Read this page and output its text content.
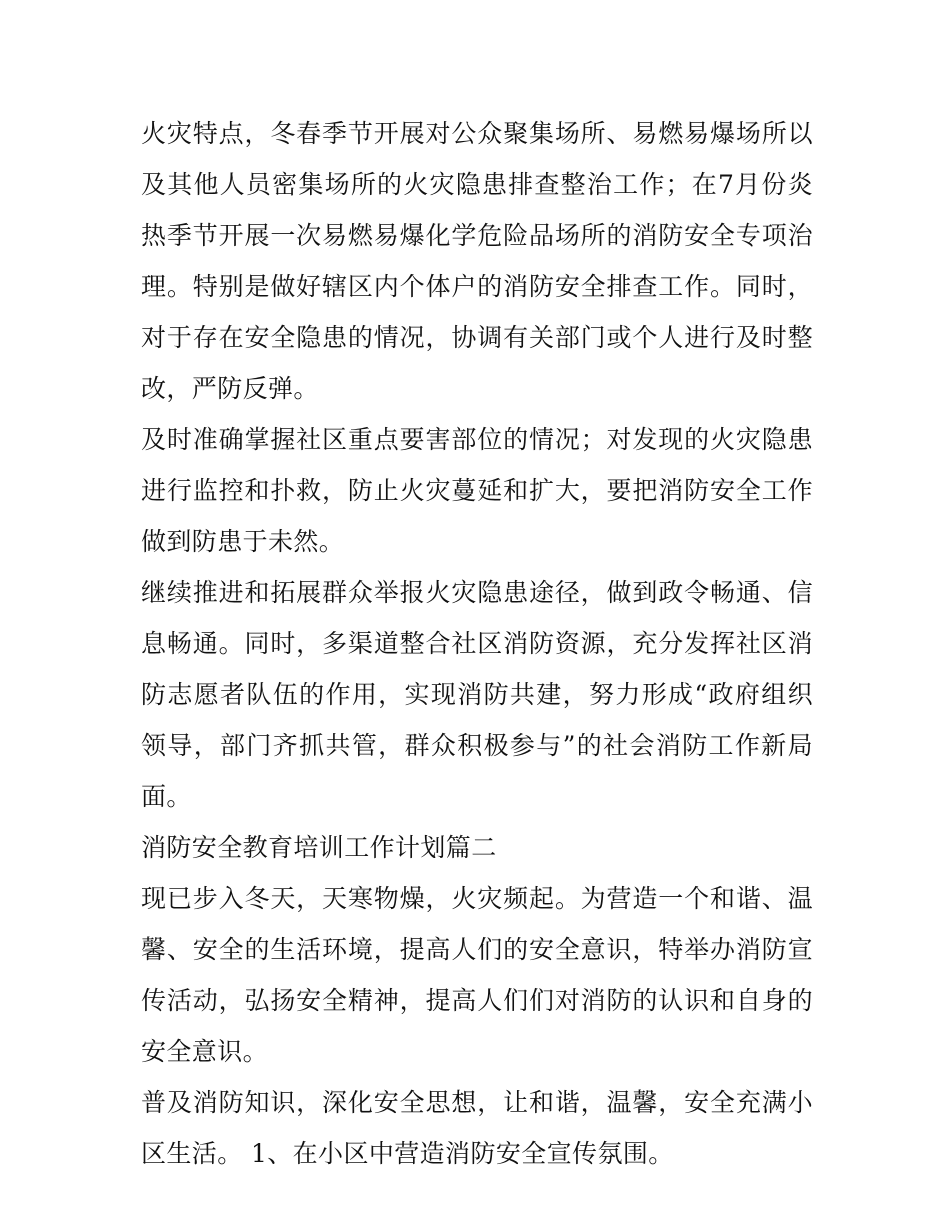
火灾特点，冬春季节开展对公众聚集场所、易燃易爆场所以及其他人员密集场所的火灾隐患排查整治工作；在7月份炎热季节开展一次易燃易爆化学危险品场所的消防安全专项治理。特别是做好辖区内个体户的消防安全排查工作。同时，对于存在安全隐患的情况，协调有关部门或个人进行及时整改，严防反弹。

及时准确掌握社区重点要害部位的情况；对发现的火灾隐患进行监控和扑救，防止火灾蔓延和扩大，要把消防安全工作做到防患于未然。

继续推进和拓展群众举报火灾隐患途径，做到政令畅通、信息畅通。同时，多渠道整合社区消防资源，充分发挥社区消防志愿者队伍的作用，实现消防共建，努力形成“政府组织领导，部门齐抓共管，群众积极参与”的社会消防工作新局面。

消防安全教育培训工作计划篇二

现已步入冬天，天寒物燥，火灾频起。为营造一个和谐、温馨、安全的生活环境，提高人们的安全意识，特举办消防宣传活动，弘扬安全精神，提高人们们对消防的认识和自身的安全意识。

普及消防知识，深化安全思想，让和谐，温馨，安全充满小区生活。 1、在小区中营造消防安全宣传氛围。
